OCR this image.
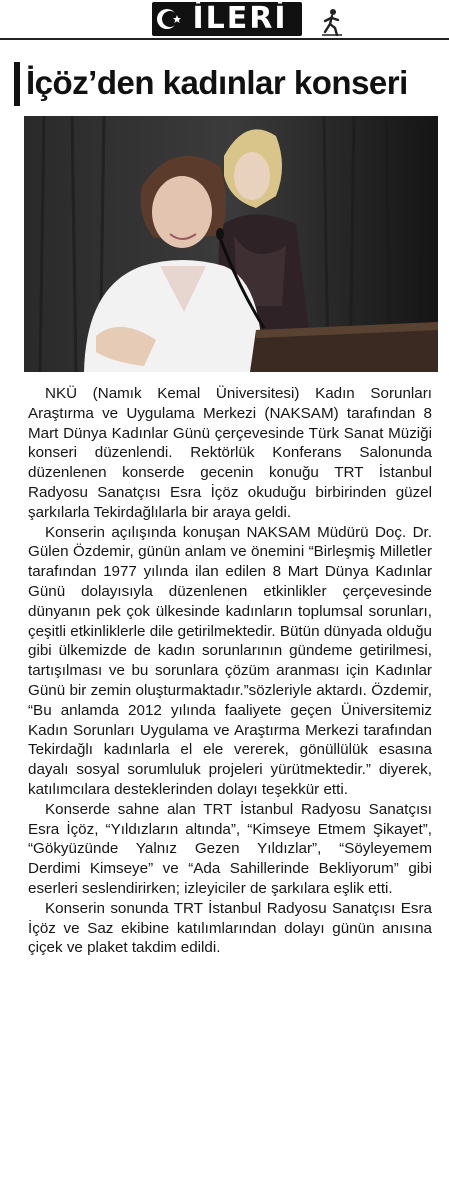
İLERİ
İçöz’den kadınlar konseri

NKÜ (Namık Kemal Üniversitesi) Kadın Sorunları Araştırma ve Uygulama Merkezi (NAKSAM) tarafından 8 Mart Dünya Kadınlar Günü çerçevesinde Türk Sanat Müziği konseri düzenlendi. Rektörlük Konferans Salonunda düzenlenen konserde gecenin konuğu TRT İstanbul Radyosu Sanatçısı Esra İçöz okuduğu birbirinden güzel şarkılarla Tekirdağlılarla bir araya geldi.

Konserin açılışında konuşan NAKSAM Müdürü Doç. Dr. Gülen Özdemir, günün anlam ve önemini “Birleşmiş Milletler tarafından 1977 yılında ilan edilen 8 Mart Dünya Kadınlar Günü dolayısıyla düzenlenen etkinlikler çerçevesinde dünyanın pek çok ülkesinde kadınların toplumsal sorunları, çeşitli etkinliklerle dile getirilmektedir. Bütün dünyada olduğu gibi ülkemizde de kadın sorunlarının gündeme getirilmesi, tartışılması ve bu sorunlara çözüm aranması için Kadınlar Günü bir zemin oluşturmaktadır.”sözleriyle aktardı. Özdemir, “Bu anlamda 2012 yılında faaliyete geçen Üniversitemiz Kadın Sorunları Uygulama ve Araştırma Merkezi tarafından Tekirdağlı kadınlarla el ele vererek, gönüllülük esasına dayalı sosyal sorumluluk projeleri yürütmektedir.” diyerek, katılımcılara desteklerinden dolayı teşekkür etti.

Konserde sahne alan TRT İstanbul Radyosu Sanatçısı Esra İçöz, “Yıldızların altında”, “Kimseye Etmem Şikayet”, “Gökyüzünde Yalnız Gezen Yıldızlar”, “Söyleyemem Derdimi Kimseye” ve “Ada Sahillerinde Bekliyorum” gibi eserleri seslendirirken; izleyiciler de şarkılara eşlik etti.

Konserin sonunda TRT İstanbul Radyosu Sanatçısı Esra İçöz ve Saz ekibine katılımlarından dolayı günün anısına çiçek ve plaket takdim edildi.
